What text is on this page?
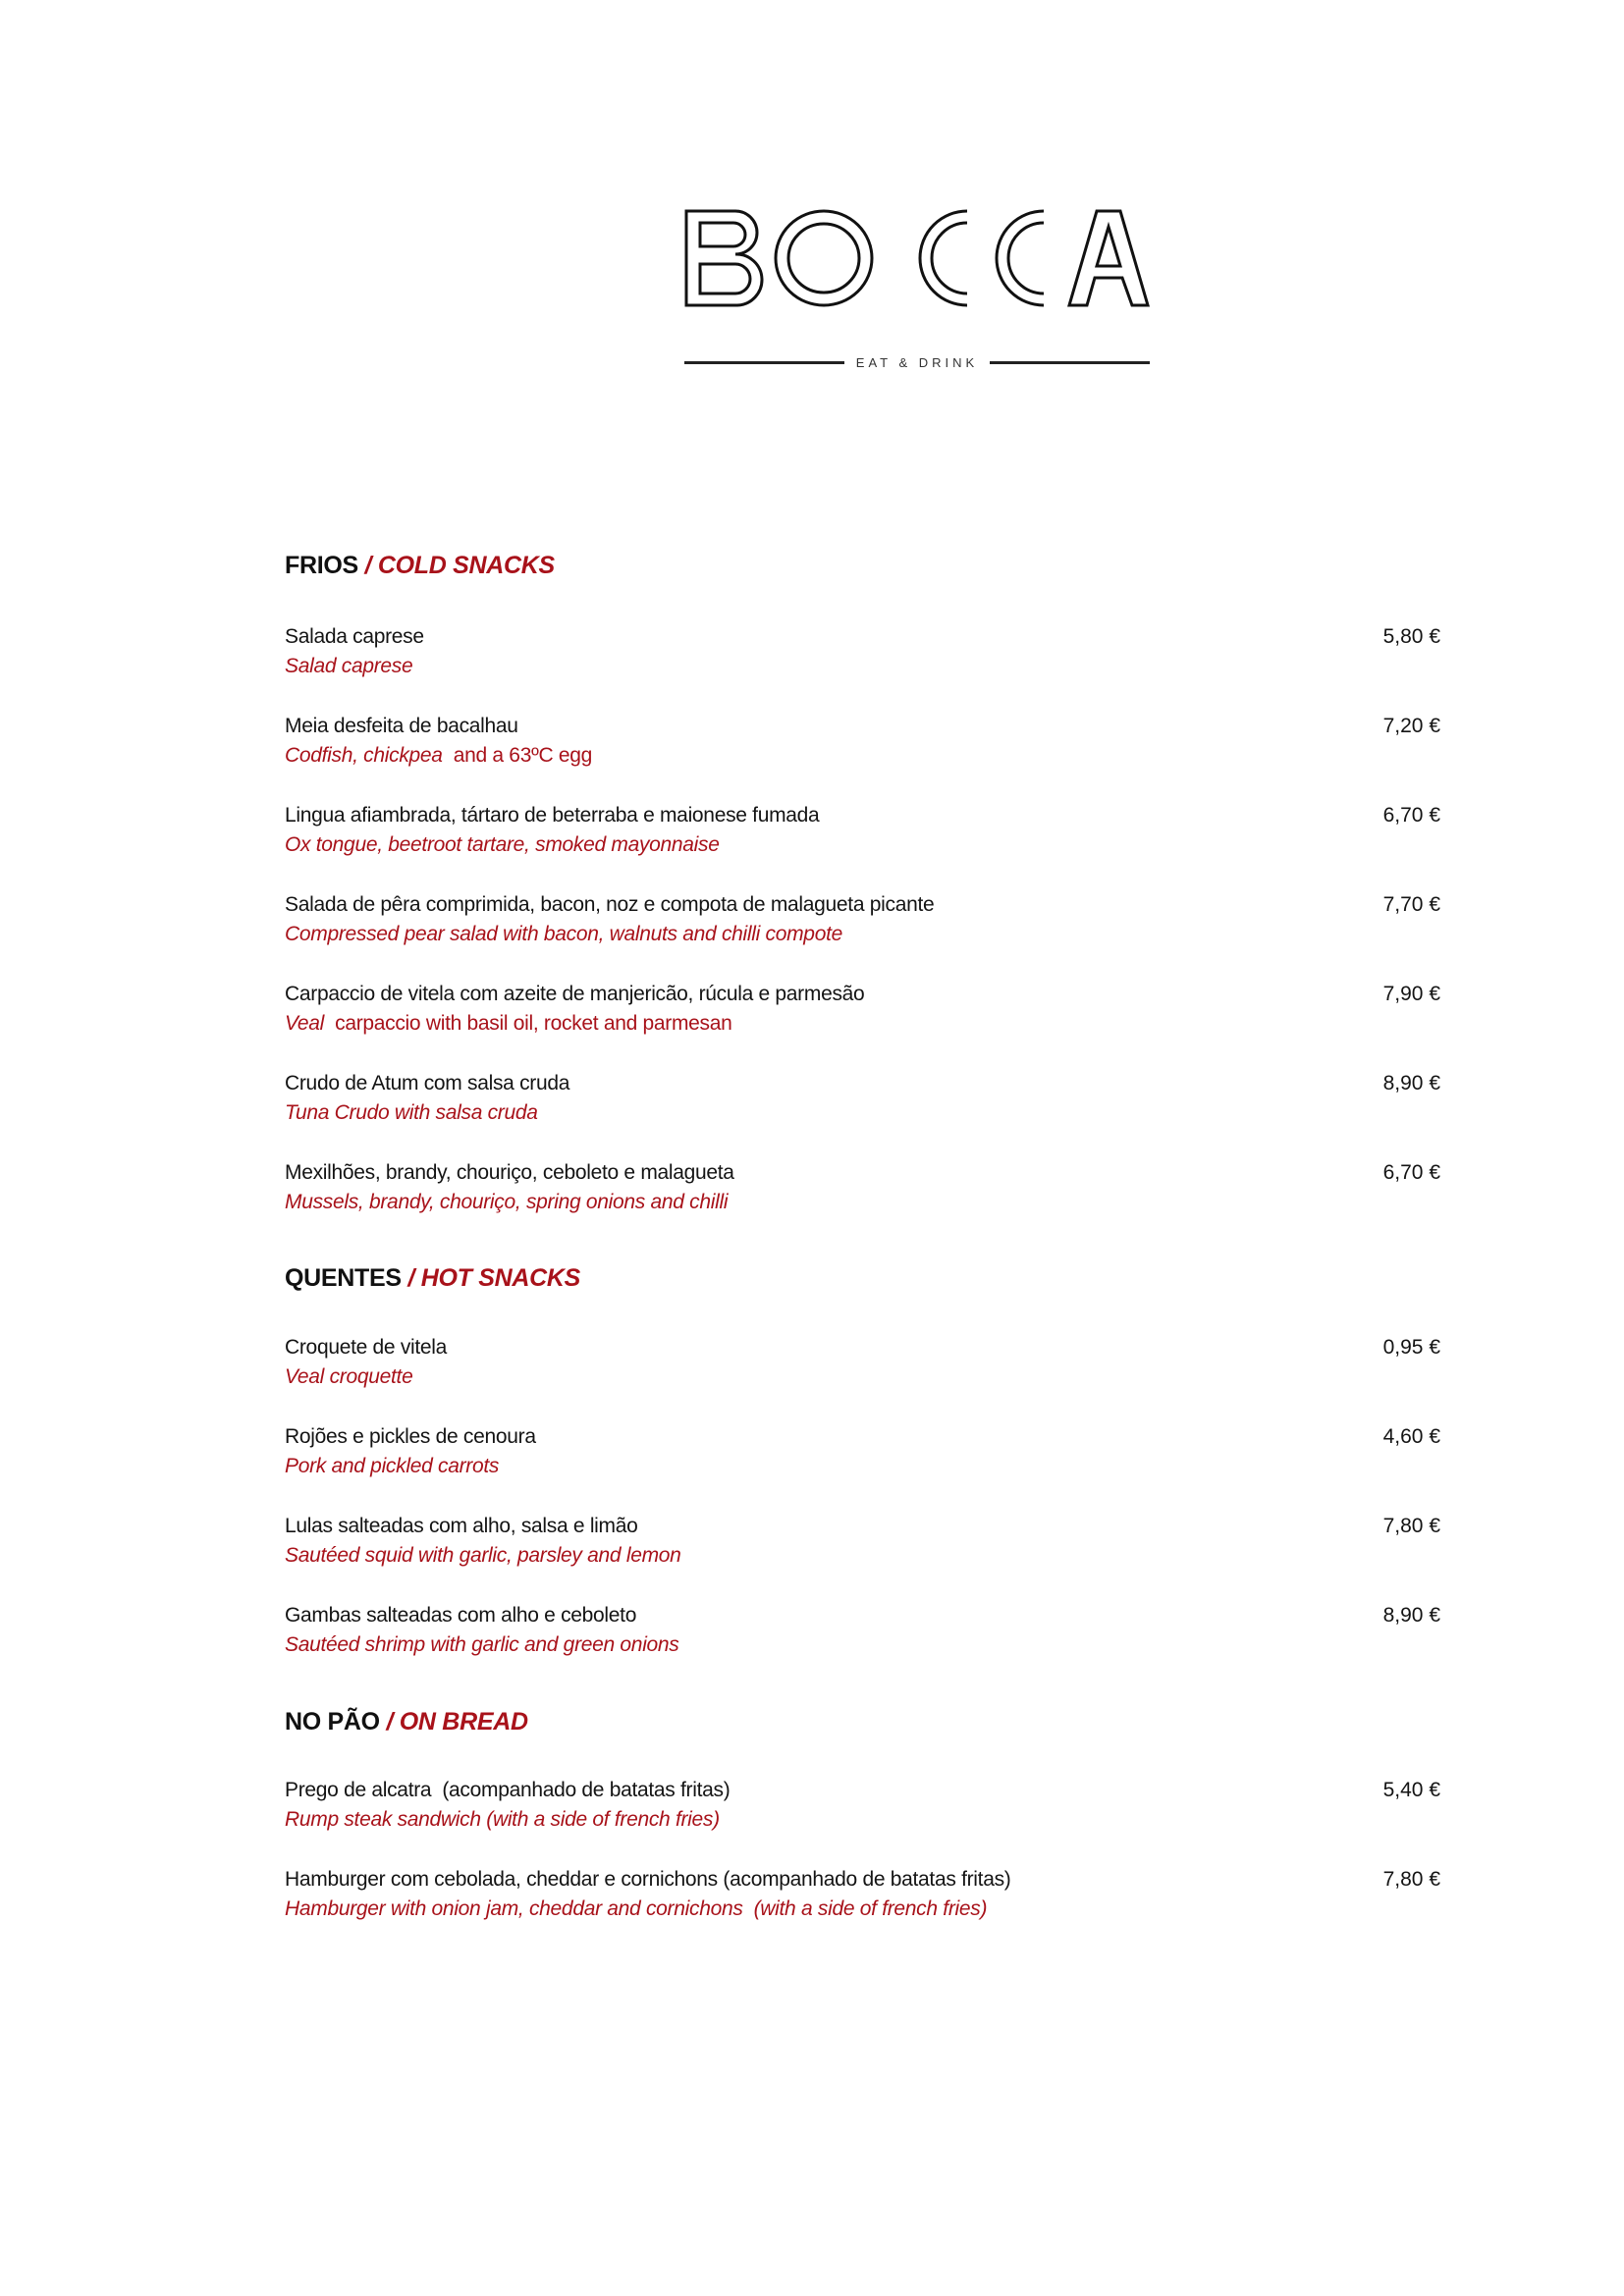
EAT & DRINK
FRIOS / COLD SNACKS
Salada caprese
Salad caprese
5,80 €
Meia desfeita de bacalhau
Codfish, chickpea  and a 63ºC egg
7,20 €
Lingua afiambrada, tártaro de beterraba e maionese fumada
Ox tongue, beetroot tartare, smoked mayonnaise
6,70 €
Salada de pêra comprimida, bacon, noz e compota de malagueta picante
Compressed pear salad with bacon, walnuts and chilli compote
7,70 €
Carpaccio de vitela com azeite de manjericão, rúcula e parmesão
Veal  carpaccio with basil oil, rocket and parmesan
7,90 €
Crudo de Atum com salsa cruda
Tuna Crudo with salsa cruda
8,90 €
Mexilhões, brandy, chouriço, ceboleto e malagueta
Mussels, brandy, chouriço, spring onions and chilli
6,70 €
QUENTES / HOT SNACKS
Croquete de vitela
Veal croquette
0,95 €
Rojões e pickles de cenoura
Pork and pickled carrots
4,60 €
Lulas salteadas com alho, salsa e limão
Sautéed squid with garlic, parsley and lemon
7,80 €
Gambas salteadas com alho e ceboleto
Sautéed shrimp with garlic and green onions
8,90 €
NO PÃO / ON BREAD
Prego de alcatra  (acompanhado de batatas fritas)
Rump steak sandwich (with a side of french fries)
5,40 €
Hamburger com cebolada, cheddar e cornichons (acompanhado de batatas fritas)
Hamburger with onion jam, cheddar and cornichons  (with a side of french fries)
7,80 €
